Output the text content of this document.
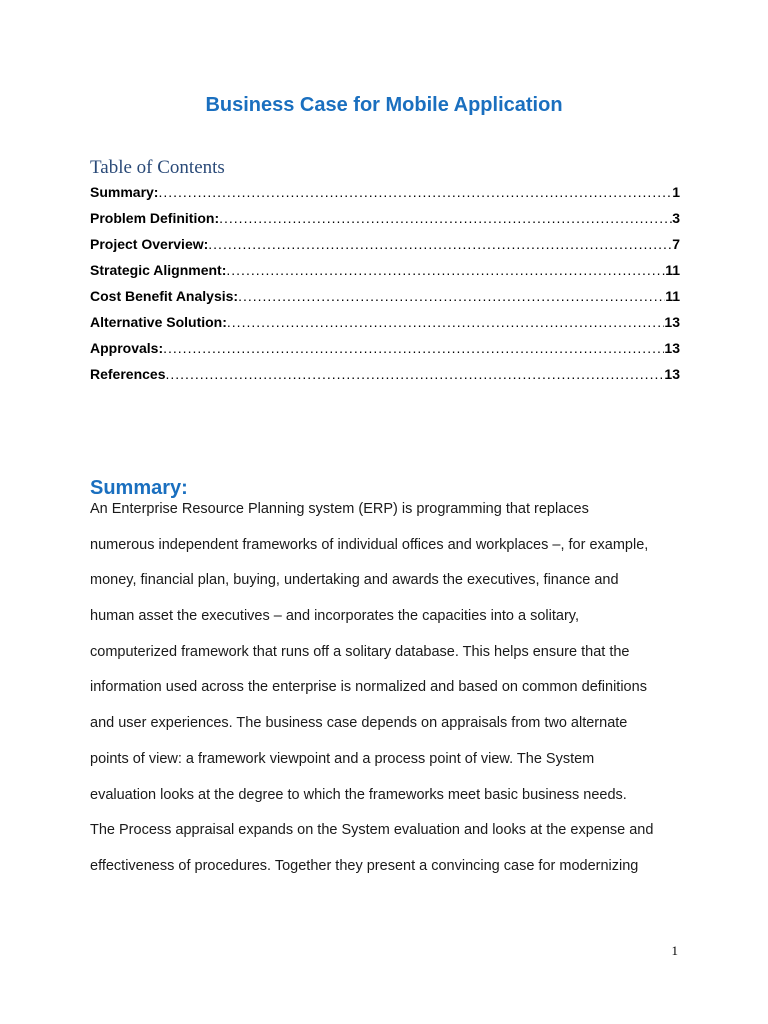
Business Case for Mobile Application
Table of Contents
Summary: .....	1
Problem Definition: .....	3
Project Overview: .....	7
Strategic Alignment: .....	11
Cost Benefit Analysis: .....	11
Alternative Solution: .....	13
Approvals: .....	13
References .....	13
Summary:
An Enterprise Resource Planning system (ERP) is programming that replaces
numerous independent frameworks of individual offices and workplaces –, for example,
money, financial plan, buying, undertaking and awards the executives, finance and
human asset the executives – and incorporates the capacities into a solitary,
computerized framework that runs off a solitary database. This helps ensure that the
information used across the enterprise is normalized and based on common definitions
and user experiences. The business case depends on appraisals from two alternate
points of view: a framework viewpoint and a process point of view. The System
evaluation looks at the degree to which the frameworks meet basic business needs.
The Process appraisal expands on the System evaluation and looks at the expense and
effectiveness of procedures. Together they present a convincing case for modernizing
1
